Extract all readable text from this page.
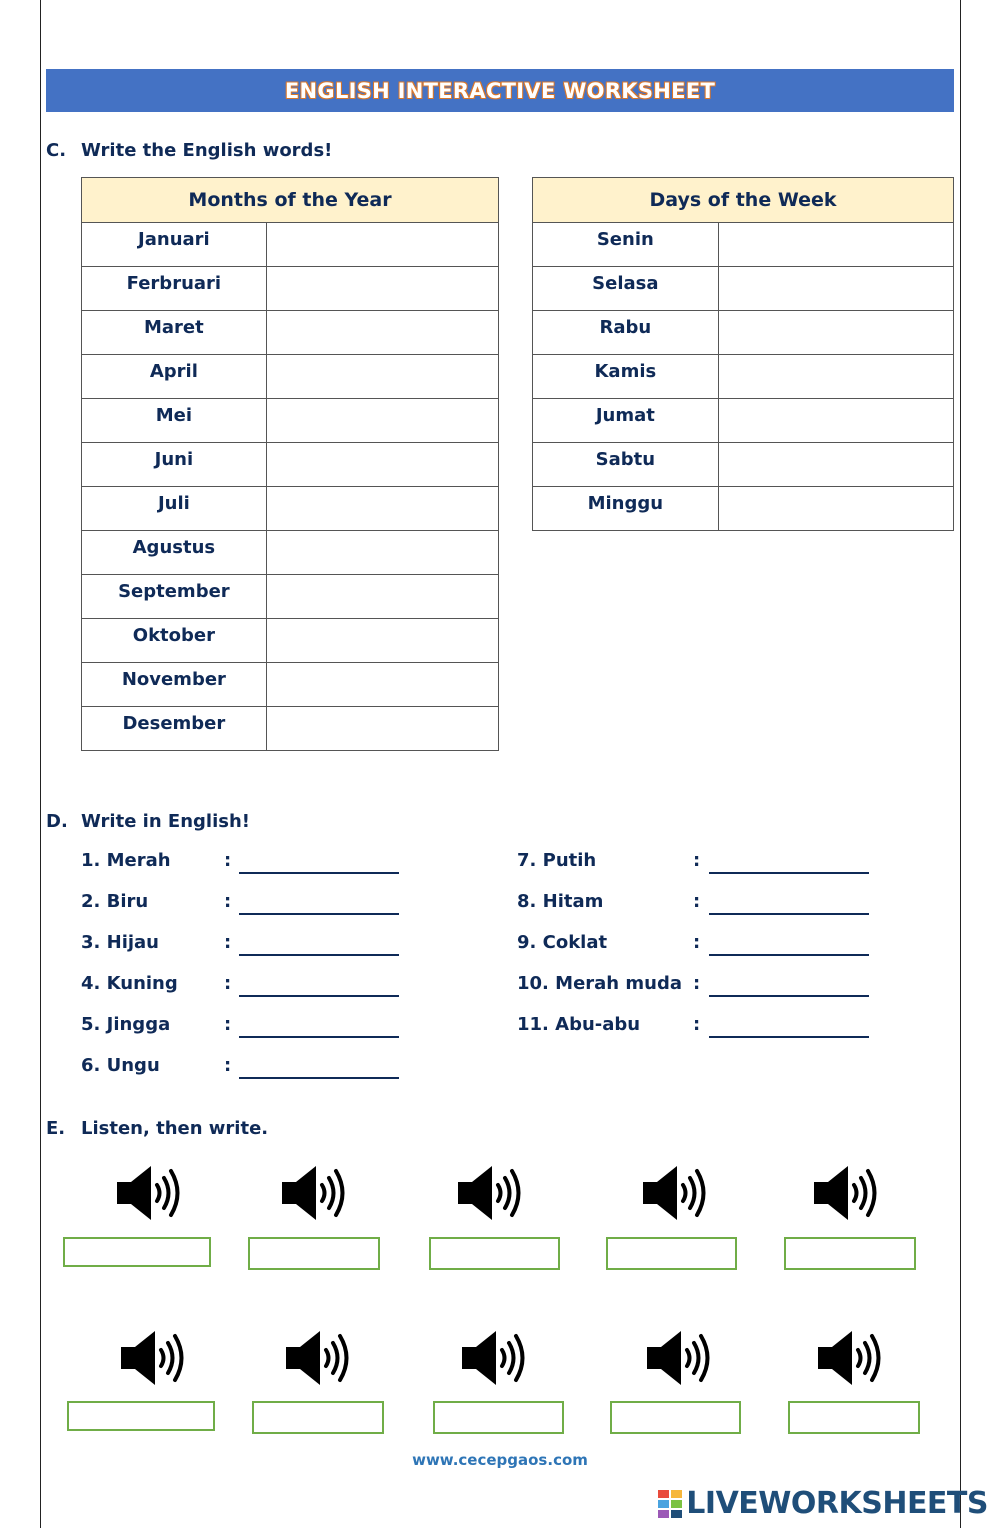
ENGLISH INTERACTIVE WORKSHEET
C. Write the English words!
Months of the Year	
Januari	
Ferbruari	
Maret	
April	
Mei	
Juni	
Juli	
Agustus	
September	
Oktober	
November	
Desember	
Days of the Week	
Senin	
Selasa	
Rabu	
Kamis	
Jumat	
Sabtu	
Minggu	
D. Write in English!
1. Merah	:
2. Biru	:
3. Hijau	:
4. Kuning	:
5. Jingga	:
6. Ungu	:
7. Putih	:
8. Hitam	:
9. Coklat	:
10. Merah muda :
11. Abu-abu	:
E. Listen, then write.
www.cecepgaos.com
LIVEWORKSHEETS
